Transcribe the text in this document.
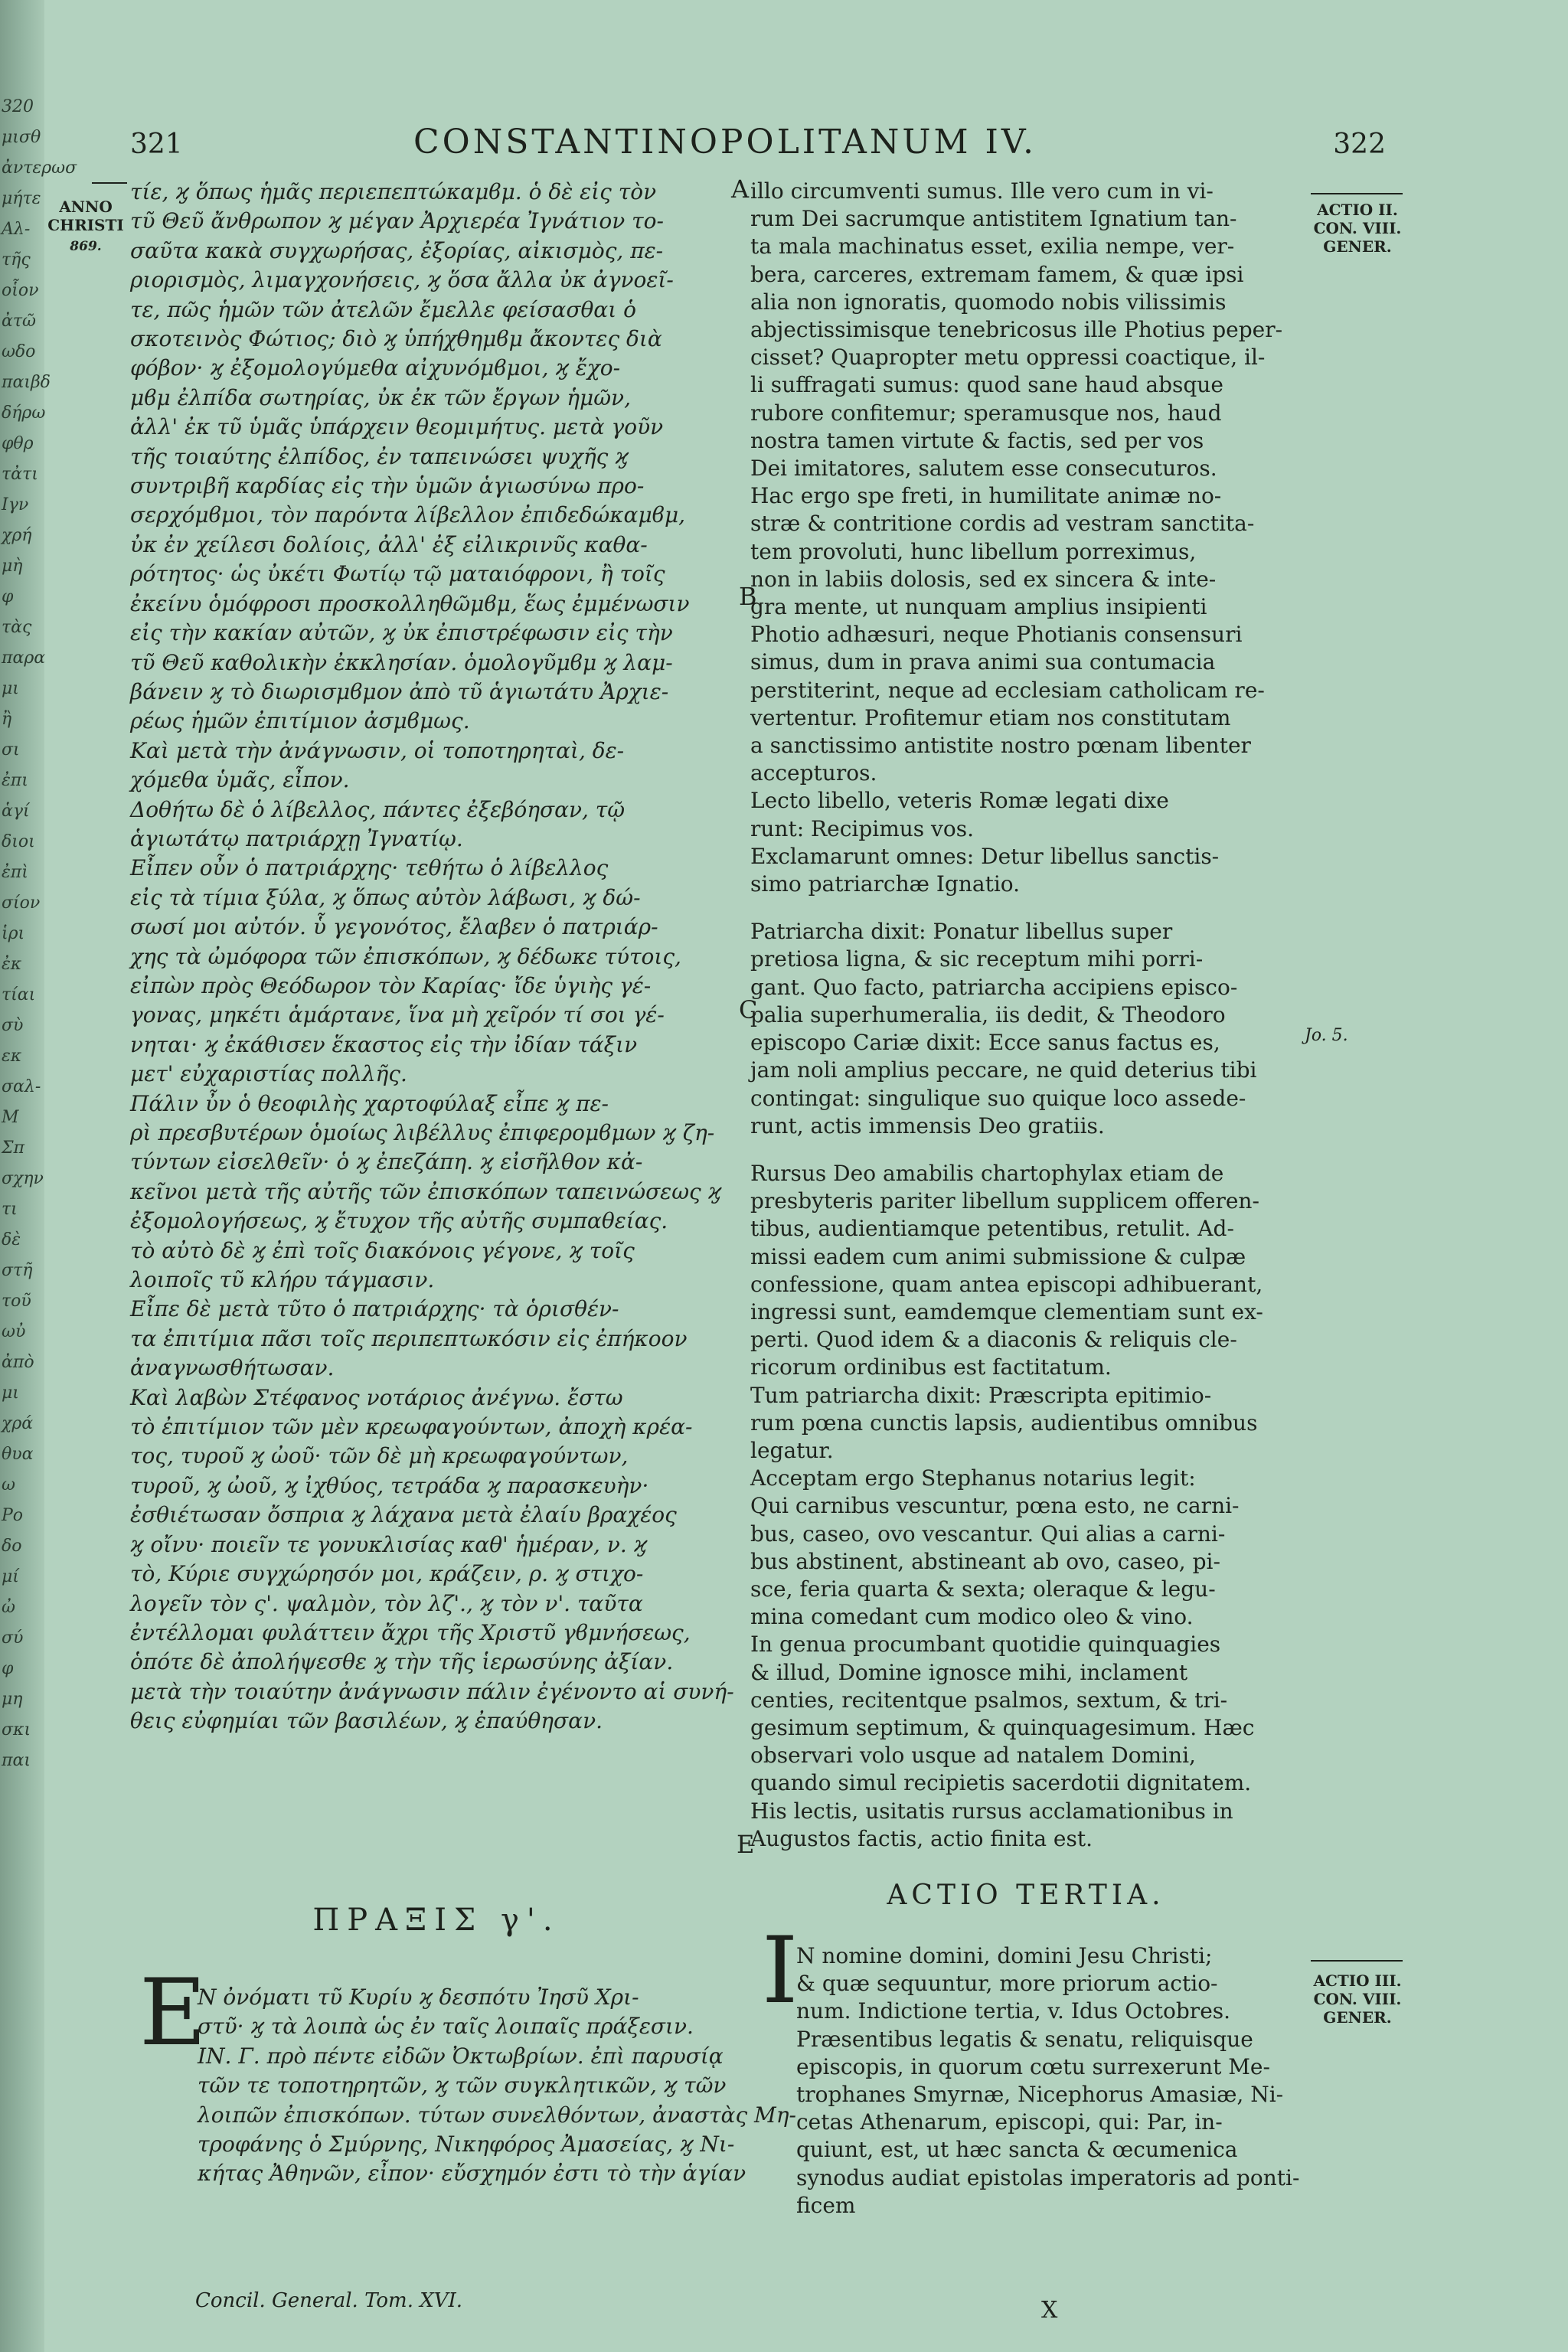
320
μισθ
ἀντερωσ
μήτε
Αλ-
τῆς
οἷον
ἀτῶ
ωδο
παιβδ
δήρω
φθρ
τἀτι
Ιγν
χρή
μὴ
φ
τὰς
παρα
μι
ἢ
σι
ἐπι
ἁγί
διοι
ἐπὶ
σίον
ἱρι
ἐκ
τίαι
σὺ
εκ
σαλ-
Μ
Σπ
σχην
τι
δὲ
στῆ
τοῦ
ωὐ
ἀπὸ
μι
χρά
θυα
ω
Ρο
δο
μί
ὠ
σύ
φ
μη
σκι
παι
321	CONSTANTINOPOLITANUM IV.	322
ANNO
CHRISTI
869.
ACTIO II.
CON. VIII.
GENER.
ACTIO III.
CON. VIII.
GENER.
Jo. 5.
A
B
C
E
τίε, ϗ ὅπως ἡμᾶς περιεπεπτώκαμϐμ. ὁ δὲ εἰς τὸν
τῦ Θεῦ ἄνθρωπον ϗ μέγαν Ἀρχιερέα Ἰγνάτιον το-
σαῦτα κακὰ συγχωρήσας, ἐξορίας, αἰκισμὸς, πε-
ριορισμὸς, λιμαγχονήσεις, ϗ ὅσα ἄλλα ὐκ ἀγνοεῖ-
τε, πῶς ἡμῶν τῶν ἀτελῶν ἔμελλε φείσασθαι ὁ
σκοτεινὸς Φώτιος; διὸ ϗ ὑπήχθημϐμ ἄκοντες διὰ
φόβον· ϗ ἐξομολογύμεθα αἰχυνόμϐμοι, ϗ ἔχο-
μϐμ ἐλπίδα σωτηρίας, ὐκ ἐκ τῶν ἔργων ἡμῶν,
ἀλλ' ἐκ τῦ ὑμᾶς ὑπάρχειν θεομιμήτυς. μετὰ γοῦν
τῆς τοιαύτης ἐλπίδος, ἐν ταπεινώσει ψυχῆς ϗ
συντριβῆ καρδίας εἰς τὴν ὑμῶν ἁγιωσύνω προ-
σερχόμϐμοι, τὸν παρόντα λίβελλον ἐπιδεδώκαμϐμ,
ὐκ ἐν χείλεσι δολίοις, ἀλλ' ἐξ εἰλικρινῦς καθα-
ρότητος· ὡς ὐκέτι Φωτίῳ τῷ ματαιόφρονι, ἢ τοῖς
ἐκείνυ ὁμόφροσι προσκολληθῶμϐμ, ἕως ἐμμένωσιν
εἰς τὴν κακίαν αὐτῶν, ϗ ὐκ ἐπιστρέφωσιν εἰς τὴν
τῦ Θεῦ καθολικὴν ἐκκλησίαν. ὁμολογῦμϐμ ϗ λαμ-
βάνειν ϗ τὸ διωρισμϐμον ἀπὸ τῦ ἁγιωτάτυ Ἀρχιε-
ρέως ἡμῶν ἐπιτίμιον ἀσμϐμως.
Καὶ μετὰ τὴν ἀνάγνωσιν, οἱ τοποτηρηταὶ, δε-
χόμεθα ὑμᾶς, εἶπον.
Δοθήτω δὲ ὁ λίβελλος, πάντες ἐξεβόησαν, τῷ
ἁγιωτάτῳ πατριάρχῃ Ἰγνατίῳ.
Εἶπεν οὖν ὁ πατριάρχης· τεθήτω ὁ λίβελλος
εἰς τὰ τίμια ξύλα, ϗ ὅπως αὐτὸν λάβωσι, ϗ δώ-
σωσί μοι αὐτόν. ὗ γεγονότος, ἔλαβεν ὁ πατριάρ-
χης τὰ ὠμόφορα τῶν ἐπισκόπων, ϗ δέδωκε τύτοις,
εἰπὼν πρὸς Θεόδωρον τὸν Καρίας· ἴδε ὑγιὴς γέ-
γονας, μηκέτι ἁμάρτανε, ἵνα μὴ χεῖρόν τί σοι γέ-
νηται· ϗ ἐκάθισεν ἕκαστος εἰς τὴν ἰδίαν τάξιν
μετ' εὐχαριστίας πολλῆς.
Πάλιν ὖν ὁ θεοφιλὴς χαρτοφύλαξ εἶπε ϗ πε-
ρὶ πρεσβυτέρων ὁμοίως λιβέλλυς ἐπιφερομϐμων ϗ ζη-
τύντων εἰσελθεῖν· ὁ ϗ ἐπεζάπη. ϗ εἰσῆλθον κἀ-
κεῖνοι μετὰ τῆς αὐτῆς τῶν ἐπισκόπων ταπεινώσεως ϗ
ἐξομολογήσεως, ϗ ἔτυχον τῆς αὐτῆς συμπαθείας.
τὸ αὐτὸ δὲ ϗ ἐπὶ τοῖς διακόνοις γέγονε, ϗ τοῖς
λοιποῖς τῦ κλήρυ τάγμασιν.
Εἶπε δὲ μετὰ τῦτο ὁ πατριάρχης· τὰ ὁρισθέν-
τα ἐπιτίμια πᾶσι τοῖς περιπεπτωκόσιν εἰς ἐπήκοον
ἀναγνωσθήτωσαν.
Καὶ λαβὼν Στέφανος νοτάριος ἀνέγνω. ἔστω
τὸ ἐπιτίμιον τῶν μὲν κρεωφαγούντων, ἀποχὴ κρέα-
τος, τυροῦ ϗ ὠοῦ· τῶν δὲ μὴ κρεωφαγούντων,
τυροῦ, ϗ ὠοῦ, ϗ ἰχθύος, τετράδα ϗ παρασκευὴν·
ἐσθιέτωσαν ὄσπρια ϗ λάχανα μετὰ ἐλαίυ βραχέος
ϗ οἴνυ· ποιεῖν τε γονυκλισίας καθ' ἡμέραν, ν. ϗ
τὸ, Κύριε συγχώρησόν μοι, κράζειν, ρ. ϗ στιχο-
λογεῖν τὸν ς'. ψαλμὸν, τὸν λζ'., ϗ τὸν ν'. ταῦτα
ἐντέλλομαι φυλάττειν ἄχρι τῆς Χριστῦ γϐμνήσεως,
ὁπότε δὲ ἀπολήψεσθε ϗ τὴν τῆς ἱερωσύνης ἀξίαν.
μετὰ τὴν τοιαύτην ἀνάγνωσιν πάλιν ἐγένοντο αἱ συνή-
θεις εὐφημίαι τῶν βασιλέων, ϗ ἐπαύθησαν.
illo circumventi sumus. Ille vero cum in vi-
rum Dei sacrumque antistitem Ignatium tan-
ta mala machinatus esset, exilia nempe, ver-
bera, carceres, extremam famem, & quæ ipsi
alia non ignoratis, quomodo nobis vilissimis
abjectissimisque tenebricosus ille Photius peper-
cisset? Quapropter metu oppressi coactique, il-
li suffragati sumus: quod sane haud absque
rubore confitemur; speramusque nos, haud
nostra tamen virtute & factis, sed per vos
Dei imitatores, salutem esse consecuturos.
Hac ergo spe freti, in humilitate animæ no-
stræ & contritione cordis ad vestram sanctita-
tem provoluti, hunc libellum porreximus,
non in labiis dolosis, sed ex sincera & inte-
gra mente, ut nunquam amplius insipienti
Photio adhæsuri, neque Photianis consensuri
simus, dum in prava animi sua contumacia
perstiterint, neque ad ecclesiam catholicam re-
vertentur. Profitemur etiam nos constitutam
a sanctissimo antistite nostro pœnam libenter
accepturos.
Lecto libello, veteris Romæ legati dixe
runt: Recipimus vos.
Exclamarunt omnes: Detur libellus sanctis-
simo patriarchæ Ignatio.

Patriarcha dixit: Ponatur libellus super
pretiosa ligna, & sic receptum mihi porri-
gant. Quo facto, patriarcha accipiens episco-
palia superhumeralia, iis dedit, & Theodoro
episcopo Cariæ dixit: Ecce sanus factus es,
jam noli amplius peccare, ne quid deterius tibi
contingat: singulique suo quique loco assede-
runt, actis immensis Deo gratiis.

Rursus Deo amabilis chartophylax etiam de
presbyteris pariter libellum supplicem offeren-
tibus, audientiamque petentibus, retulit. Ad-
missi eadem cum animi submissione & culpæ
confessione, quam antea episcopi adhibuerant,
ingressi sunt, eamdemque clementiam sunt ex-
perti. Quod idem & a diaconis & reliquis cle-
ricorum ordinibus est factitatum.
Tum patriarcha dixit: Præscripta epitimio-
rum pœna cunctis lapsis, audientibus omnibus
legatur.
Acceptam ergo Stephanus notarius legit:
Qui carnibus vescuntur, pœna esto, ne carni-
bus, caseo, ovo vescantur. Qui alias a carni-
bus abstinent, abstineant ab ovo, caseo, pi-
sce, feria quarta & sexta; oleraque & legu-
mina comedant cum modico oleo & vino.
In genua procumbant quotidie quinquagies
& illud, Domine ignosce mihi, inclament
centies, recitentque psalmos, sextum, & tri-
gesimum septimum, & quinquagesimum. Hæc
observari volo usque ad natalem Domini,
quando simul recipietis sacerdotii dignitatem.
His lectis, usitatis rursus acclamationibus in
Augustos factis, actio finita est.
ΠΡΑΞΙΣ γ'.
ACTIO TERTIA.
E
N ὀνόματι τῦ Κυρίυ ϗ δεσπότυ Ἰησῦ Χρι-
στῦ· ϗ τὰ λοιπὰ ὡς ἐν ταῖς λοιπαῖς πράξεσιν.
ΙΝ. Γ. πρὸ πέντε εἰδῶν Ὀκτωβρίων. ἐπὶ παρυσίᾳ
τῶν τε τοποτηρητῶν, ϗ τῶν συγκλητικῶν, ϗ τῶν
λοιπῶν ἐπισκόπων. τύτων συνελθόντων, ἀναστὰς Μη-
τροφάνης ὁ Σμύρνης, Νικηφόρος Ἀμασείας, ϗ Νι-
κήτας Ἀθηνῶν, εἶπον· εὔσχημόν ἐστι τὸ τὴν ἁγίαν
I
N nomine domini, domini Jesu Christi;
& quæ sequuntur, more priorum actio-
num. Indictione tertia, v. Idus Octobres.
Præsentibus legatis & senatu, reliquisque
episcopis, in quorum cœtu surrexerunt Me-
trophanes Smyrnæ, Nicephorus Amasiæ, Ni-
cetas Athenarum, episcopi, qui: Par, in-
quiunt, est, ut hæc sancta & œcumenica
synodus audiat epistolas imperatoris ad ponti-
ficem
Concil. General. Tom. XVI.	X
